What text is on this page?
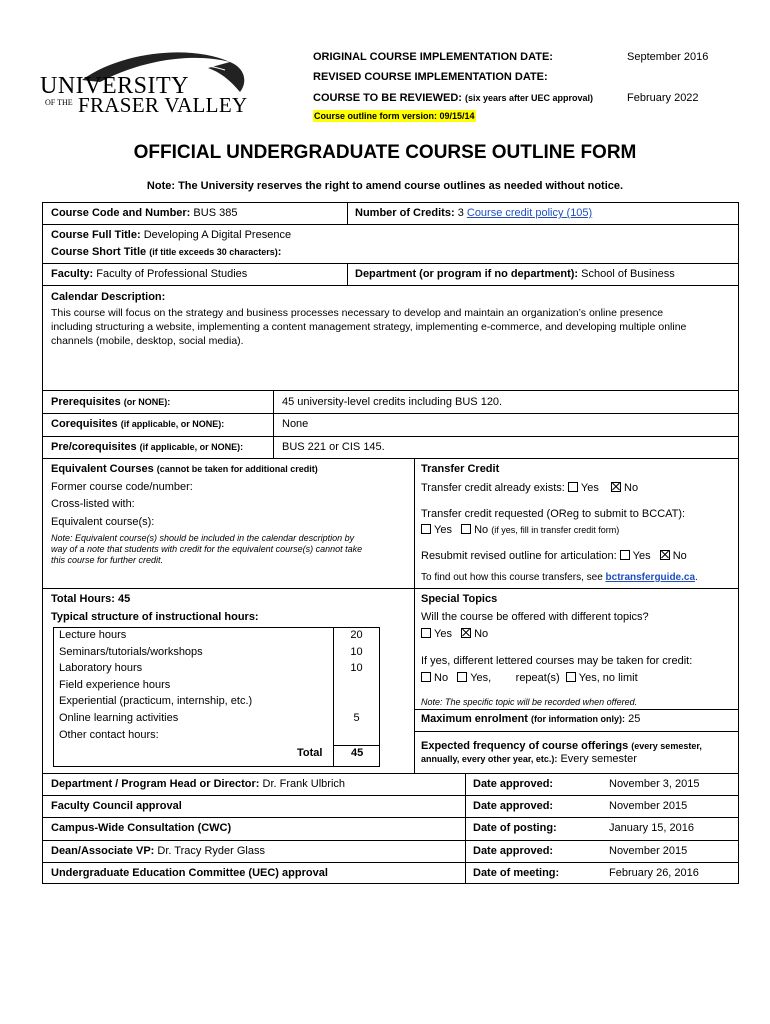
UNIVERSITY
OF THE FRASER VALLEY
ORIGINAL COURSE IMPLEMENTATION DATE:	September 2016
REVISED COURSE IMPLEMENTATION DATE:
COURSE TO BE REVIEWED: (six years after UEC approval)	February 2022
Course outline form version: 09/15/14
OFFICIAL UNDERGRADUATE COURSE OUTLINE FORM
Note: The University reserves the right to amend course outlines as needed without notice.
Course Code and Number: BUS 385	Number of Credits: 3 Course credit policy (105)
Course Full Title: Developing A Digital Presence
Course Short Title (if title exceeds 30 characters):
Faculty: Faculty of Professional Studies	Department (or program if no department): School of Business
Calendar Description:
This course will focus on the strategy and business processes necessary to develop and maintain an organization’s online presence
including structuring a website, implementing a content management strategy, implementing e-commerce, and developing multiple online
channels (mobile, desktop, social media).
Prerequisites (or NONE):	45 university-level credits including BUS 120.
Corequisites (if applicable, or NONE):	None
Pre/corequisites (if applicable, or NONE):	BUS 221 or CIS 145.
Equivalent Courses (cannot be taken for additional credit)
Former course code/number:
Cross-listed with:
Equivalent course(s):
Note: Equivalent course(s) should be included in the calendar description by
way of a note that students with credit for the equivalent course(s) cannot take
this course for further credit.
Transfer Credit
Transfer credit already exists: Yes No
Transfer credit requested (OReg to submit to BCCAT):
Yes No (if yes, fill in transfer credit form)
Resubmit revised outline for articulation: Yes No
To find out how this course transfers, see bctransferguide.ca.
Total Hours: 45
Typical structure of instructional hours:
Lecture hours	20
Seminars/tutorials/workshops	10
Laboratory hours	10
Field experience hours
Experiential (practicum, internship, etc.)
Online learning activities	5
Other contact hours:
Total	45
Special Topics
Will the course be offered with different topics?
Yes No
If yes, different lettered courses may be taken for credit:
No Yes, repeat(s) Yes, no limit
Note: The specific topic will be recorded when offered.
Maximum enrolment (for information only): 25
Expected frequency of course offerings (every semester,
annually, every other year, etc.): Every semester
Department / Program Head or Director: Dr. Frank Ulbrich	Date approved:	November 3, 2015
Faculty Council approval	Date approved:	November 2015
Campus-Wide Consultation (CWC)	Date of posting:	January 15, 2016
Dean/Associate VP: Dr. Tracy Ryder Glass	Date approved:	November 2015
Undergraduate Education Committee (UEC) approval	Date of meeting:	February 26, 2016
